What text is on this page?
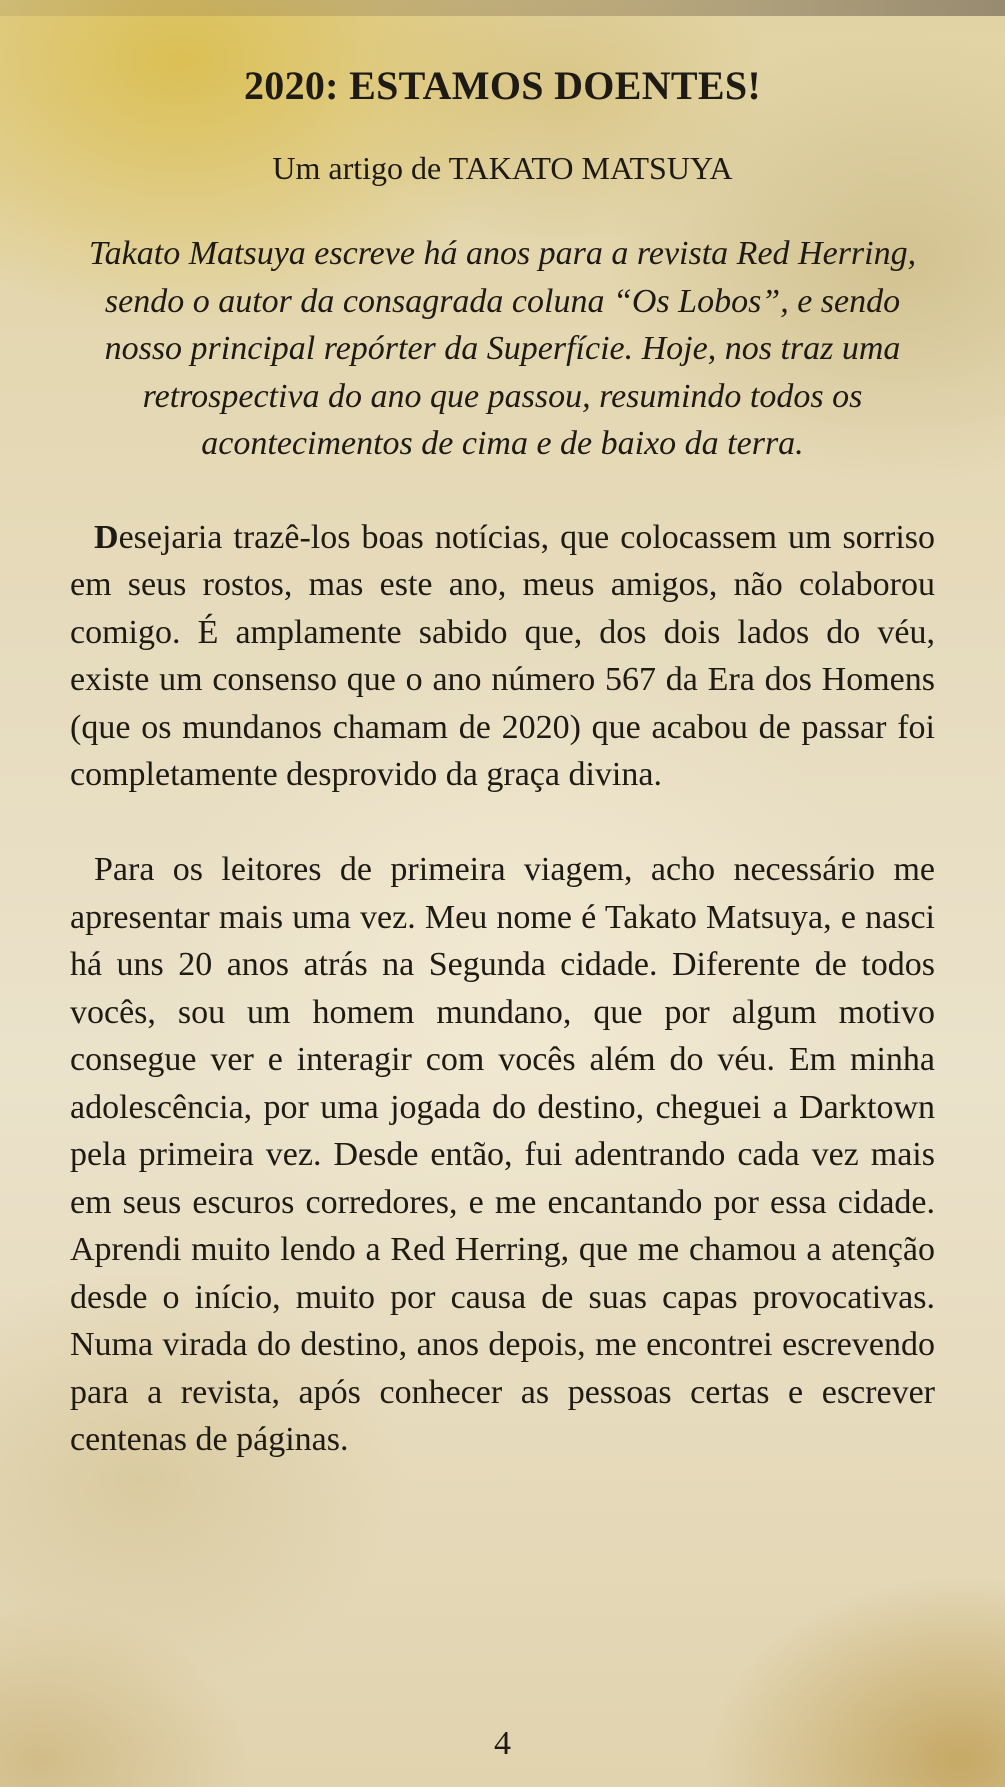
2020: ESTAMOS DOENTES!

Um artigo de TAKATO MATSUYA

Takato Matsuya escreve há anos para a revista Red Herring, sendo o autor da consagrada coluna “Os Lobos”, e sendo nosso principal repórter da Superfície. Hoje, nos traz uma retrospectiva do ano que passou, resumindo todos os acontecimentos de cima e de baixo da terra.

Desejaria trazê-los boas notícias, que colocassem um sorriso em seus rostos, mas este ano, meus amigos, não colaborou comigo. É amplamente sabido que, dos dois lados do véu, existe um consenso que o ano número 567 da Era dos Homens (que os mundanos chamam de 2020) que acabou de passar foi completamente desprovido da graça divina.

Para os leitores de primeira viagem, acho necessário me apresentar mais uma vez. Meu nome é Takato Matsuya, e nasci há uns 20 anos atrás na Segunda cidade. Diferente de todos vocês, sou um homem mundano, que por algum motivo consegue ver e interagir com vocês além do véu. Em minha adolescência, por uma jogada do destino, cheguei a Darktown pela primeira vez. Desde então, fui adentrando cada vez mais em seus escuros corredores, e me encantando por essa cidade. Aprendi muito lendo a Red Herring, que me chamou a atenção desde o início, muito por causa de suas capas provocativas. Numa virada do destino, anos depois, me encontrei escrevendo para a revista, após conhecer as pessoas certas e escrever centenas de páginas.

4
